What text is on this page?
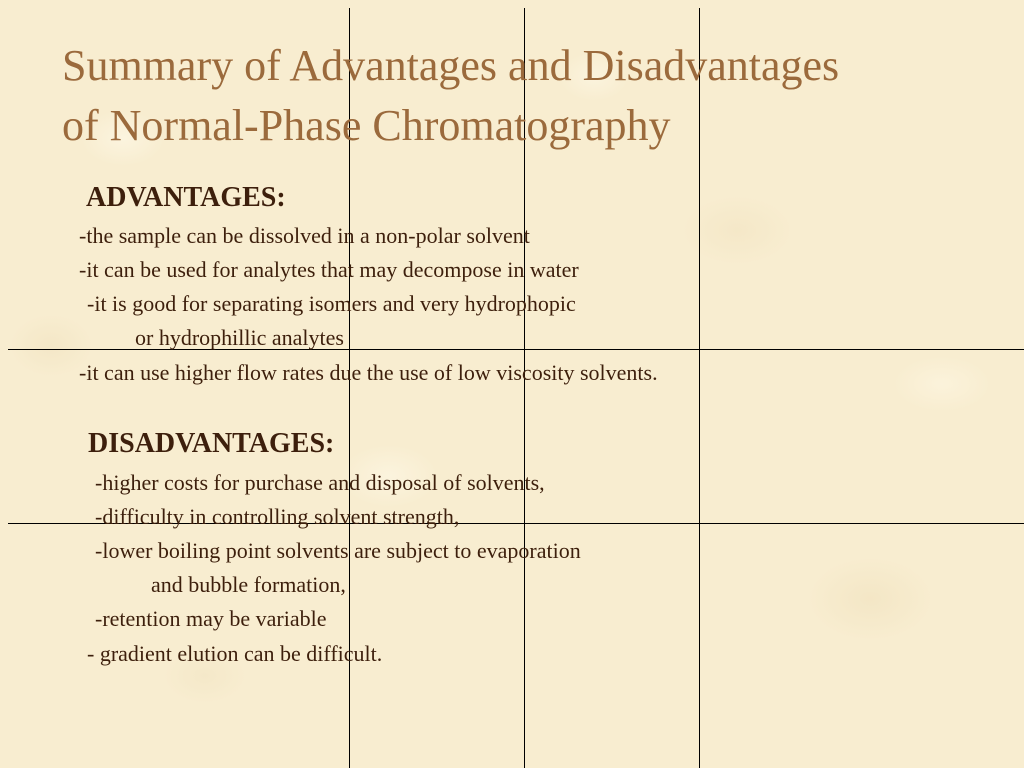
Summary of Advantages and Disadvantages
of Normal-Phase Chromatography
ADVANTAGES:
-the sample can be dissolved in a non-polar solvent
-it can be used for analytes that may decompose in water
-it is good for separating isomers and very hydrophopic
or hydrophillic analytes
-it can use higher flow rates due the use of low viscosity solvents.
DISADVANTAGES:
-higher costs for purchase and disposal of solvents,
-difficulty in controlling solvent strength,
-lower boiling point solvents are subject to evaporation
and bubble formation,
-retention may be variable
- gradient elution can be difficult.
